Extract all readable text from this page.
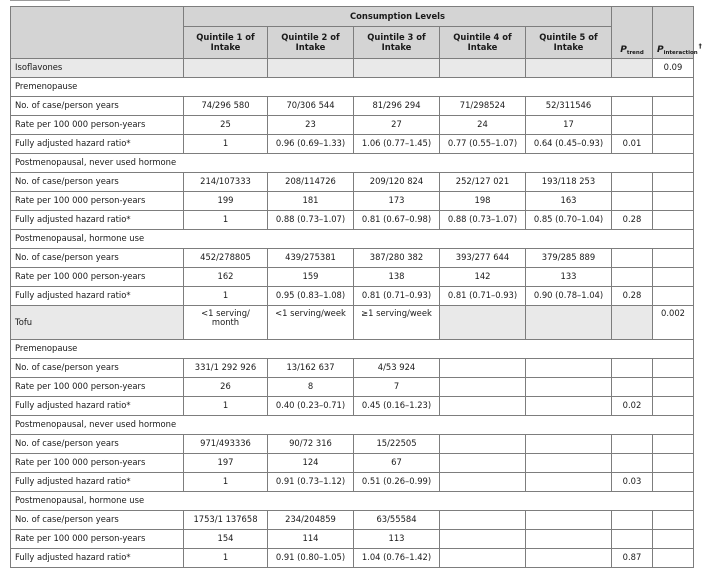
	Consumption Levels					$P_{trend}$	$P_{interaction}^\dagger$
	Quintile 1 of Intake	Quintile 2 of Intake	Quintile 3 of Intake	Quintile 4 of Intake	Quintile 5 of Intake		
Isoflavones							0.09
Premenopause							
No. of case/person years	74/296 580	70/306 544	81/296 294	71/298524	52/311546		
Rate per 100 000 person-years	25	23	27	24	17		
Fully adjusted hazard ratio*	1	0.96 (0.69–1.33)	1.06 (0.77–1.45)	0.77 (0.55–1.07)	0.64 (0.45–0.93)	0.01	
Postmenopausal, never used hormone							
No. of case/person years	214/107333	208/114726	209/120 824	252/127 021	193/118 253		
Rate per 100 000 person-years	199	181	173	198	163		
Fully adjusted hazard ratio*	1	0.88 (0.73–1.07)	0.81 (0.67–0.98)	0.88 (0.73–1.07)	0.85 (0.70–1.04)	0.28	
Postmenopausal, hormone use							
No. of case/person years	452/278805	439/275381	387/280 382	393/277 644	379/285 889		
Rate per 100 000 person-years	162	159	138	142	133		
Fully adjusted hazard ratio*	1	0.95 (0.83–1.08)	0.81 (0.71–0.93)	0.81 (0.71–0.93)	0.90 (0.78–1.04)	0.28	
Tofu	<1 serving/ month	<1 serving/week	≥1 serving/week				0.002
Premenopause							
No. of case/person years	331/1 292 926	13/162 637	4/53 924				
Rate per 100 000 person-years	26	8	7				
Fully adjusted hazard ratio*	1	0.40 (0.23–0.71)	0.45 (0.16–1.23)			0.02	
Postmenopausal, never used hormone							
No. of case/person years	971/493336	90/72 316	15/22505				
Rate per 100 000 person-years	197	124	67				
Fully adjusted hazard ratio*	1	0.91 (0.73–1.12)	0.51 (0.26–0.99)			0.03	
Postmenopausal, hormone use							
No. of case/person years	1753/1 137658	234/204859	63/55584				
Rate per 100 000 person-years	154	114	113				
Fully adjusted hazard ratio*	1	0.91 (0.80–1.05)	1.04 (0.76–1.42)			0.87	
